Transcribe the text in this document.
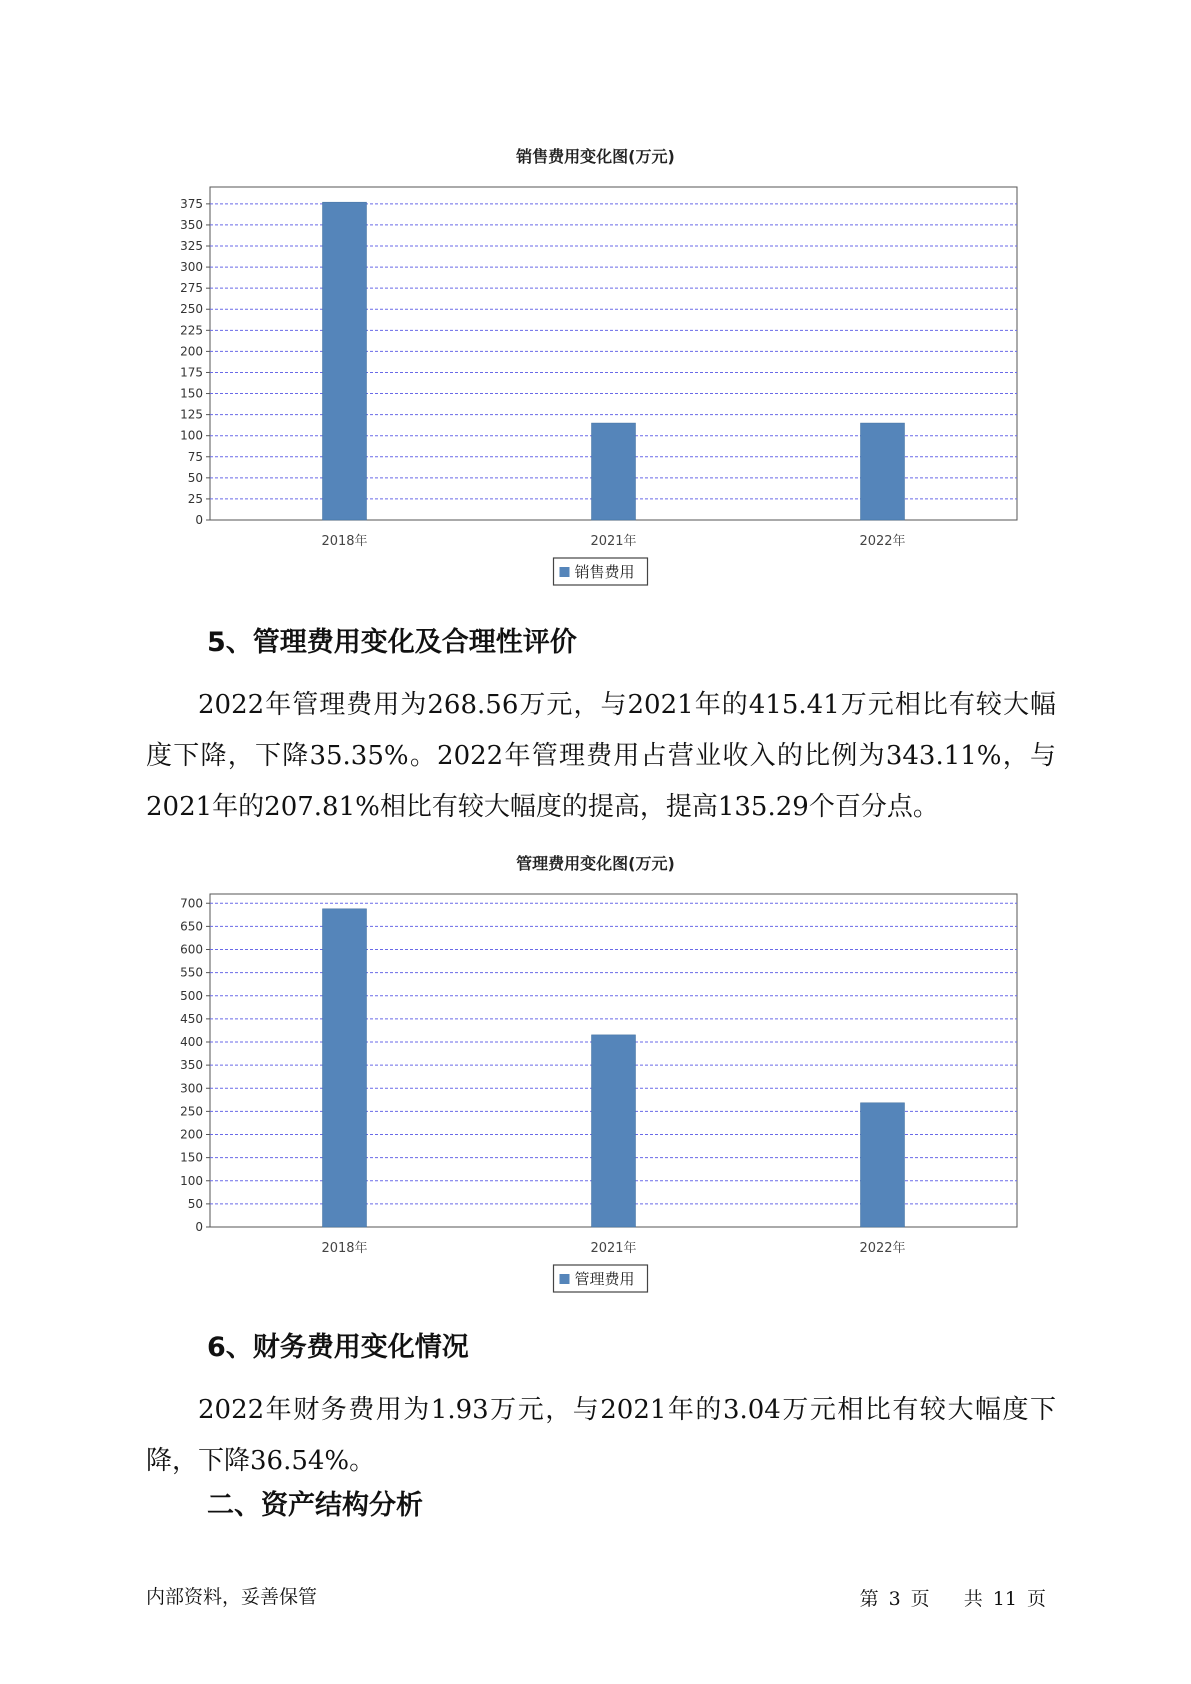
销售费用变化图(万元)
0
25
50
75
100
125
150
175
200
225
250
275
300
325
350
375
2018年	2021年	2022年
销售费用
5、管理费用变化及合理性评价

2022年管理费用为268.56万元，与2021年的415.41万元相比有较大幅度下降，下降35.35%。2022年管理费用占营业收入的比例为343.11%，与2021年的207.81%相比有较大幅度的提高，提高135.29个百分点。

管理费用变化图(万元)
0
50
100
150
200
250
300
350
400
450
500
550
600
650
700
2018年	2021年	2022年
管理费用
6、财务费用变化情况

2022年财务费用为1.93万元，与2021年的3.04万元相比有较大幅度下降，下降36.54%。

二、资产结构分析
内部资料，妥善保管	第 3 页 共 11 页
